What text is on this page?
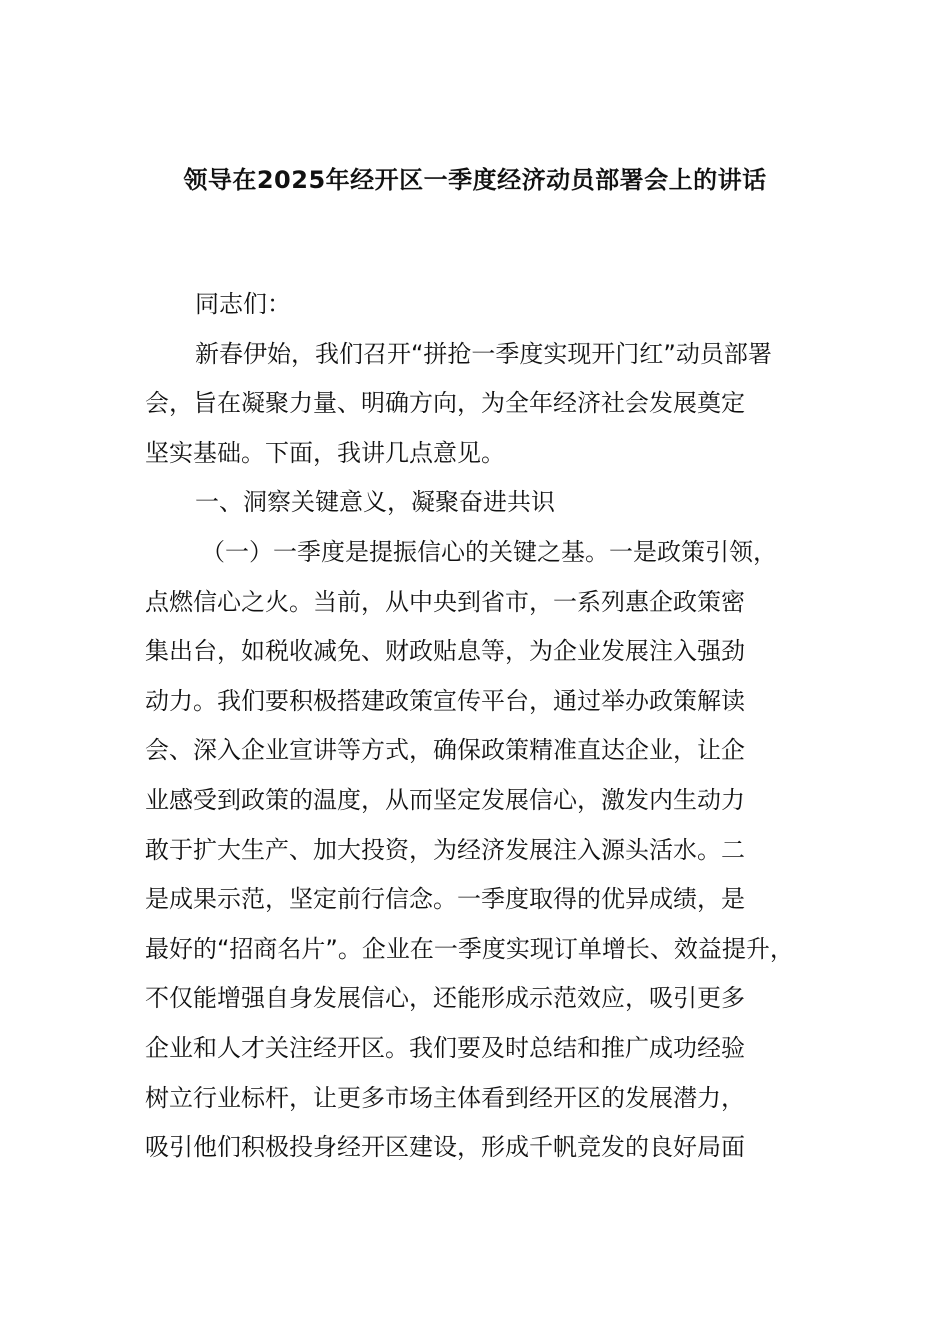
领导在2025年经开区一季度经济动员部署会上的讲话
同志们：
新春伊始，我们召开“拼抢一季度实现开门红”动员部署
会，旨在凝聚力量、明确方向，为全年经济社会发展奠定
坚实基础。下面，我讲几点意见。
一、洞察关键意义，凝聚奋进共识
（一）一季度是提振信心的关键之基。一是政策引领，
点燃信心之火。当前，从中央到省市，一系列惠企政策密
集出台，如税收减免、财政贴息等，为企业发展注入强劲
动力。我们要积极搭建政策宣传平台，通过举办政策解读
会、深入企业宣讲等方式，确保政策精准直达企业，让企
业感受到政策的温度，从而坚定发展信心，激发内生动力
敢于扩大生产、加大投资，为经济发展注入源头活水。二
是成果示范，坚定前行信念。一季度取得的优异成绩，是
最好的“招商名片”。企业在一季度实现订单增长、效益提升，
不仅能增强自身发展信心，还能形成示范效应，吸引更多
企业和人才关注经开区。我们要及时总结和推广成功经验
树立行业标杆，让更多市场主体看到经开区的发展潜力，
吸引他们积极投身经开区建设，形成千帆竞发的良好局面
